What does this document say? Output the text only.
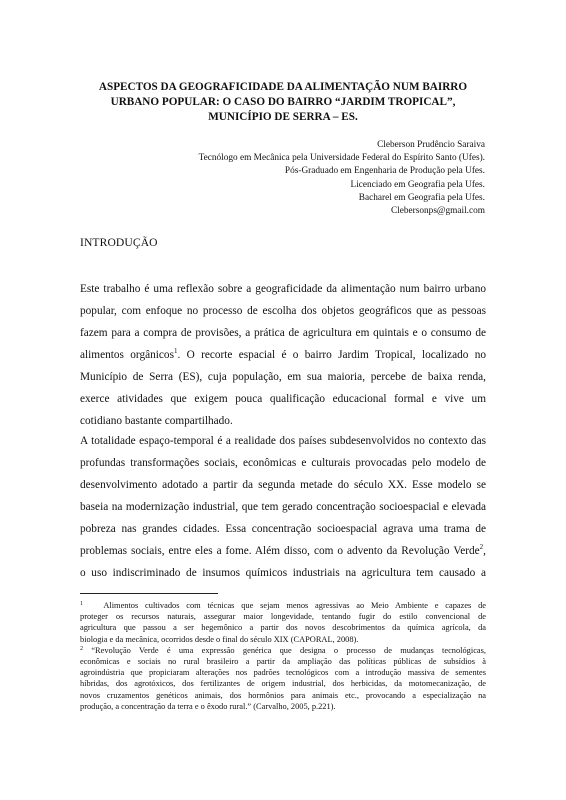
ASPECTOS DA GEOGRAFICIDADE DA ALIMENTAÇÃO NUM BAIRRO
URBANO POPULAR: O CASO DO BAIRRO “JARDIM TROPICAL”,
MUNICÍPIO DE SERRA – ES.
Cleberson Prudêncio Saraiva
Tecnólogo em Mecânica pela Universidade Federal do Espírito Santo (Ufes).
Pós-Graduado em Engenharia de Produção pela Ufes.
Licenciado em Geografia pela Ufes.
Bacharel em Geografia pela Ufes.
Clebersonps@gmail.com
INTRODUÇÃO
Este trabalho é uma reflexão sobre a geograficidade da alimentação num bairro urbano
popular, com enfoque no processo de escolha dos objetos geográficos que as pessoas
fazem para a compra de provisões, a prática de agricultura em quintais e o consumo de
alimentos orgânicos$^1$. O recorte espacial é o bairro Jardim Tropical, localizado no
Município de Serra (ES), cuja população, em sua maioria, percebe de baixa renda,
exerce atividades que exigem pouca qualificação educacional formal e vive um
cotidiano bastante compartilhado.
A totalidade espaço-temporal é a realidade dos países subdesenvolvidos no contexto das
profundas transformações sociais, econômicas e culturais provocadas pelo modelo de
desenvolvimento adotado a partir da segunda metade do século XX. Esse modelo se
baseia na modernização industrial, que tem gerado concentração socioespacial e elevada
pobreza nas grandes cidades. Essa concentração socioespacial agrava uma trama de
problemas sociais, entre eles a fome. Além disso, com o advento da Revolução Verde$^2$,
o uso indiscriminado de insumos químicos industriais na agricultura tem causado a
$^1$ Alimentos cultivados com técnicas que sejam menos agressivas ao Meio Ambiente e capazes de
proteger os recursos naturais, assegurar maior longevidade, tentando fugir do estilo convencional de
agricultura que passou a ser hegemônico a partir dos novos descobrimentos da química agrícola, da
biologia e da mecânica, ocorridos desde o final do século XIX (CAPORAL, 2008).
$^2$ “Revolução Verde é uma expressão genérica que designa o processo de mudanças tecnológicas,
econômicas e sociais no rural brasileiro a partir da ampliação das políticas públicas de subsídios à
agroindústria que propiciaram alterações nos padrões tecnológicos com a introdução massiva de sementes
híbridas, dos agrotóxicos, dos fertilizantes de origem industrial, dos herbicidas, da motomecanização, de
novos cruzamentos genéticos animais, dos hormônios para animais etc., provocando a especialização na
produção, a concentração da terra e o êxodo rural.” (Carvalho, 2005, p.221).
